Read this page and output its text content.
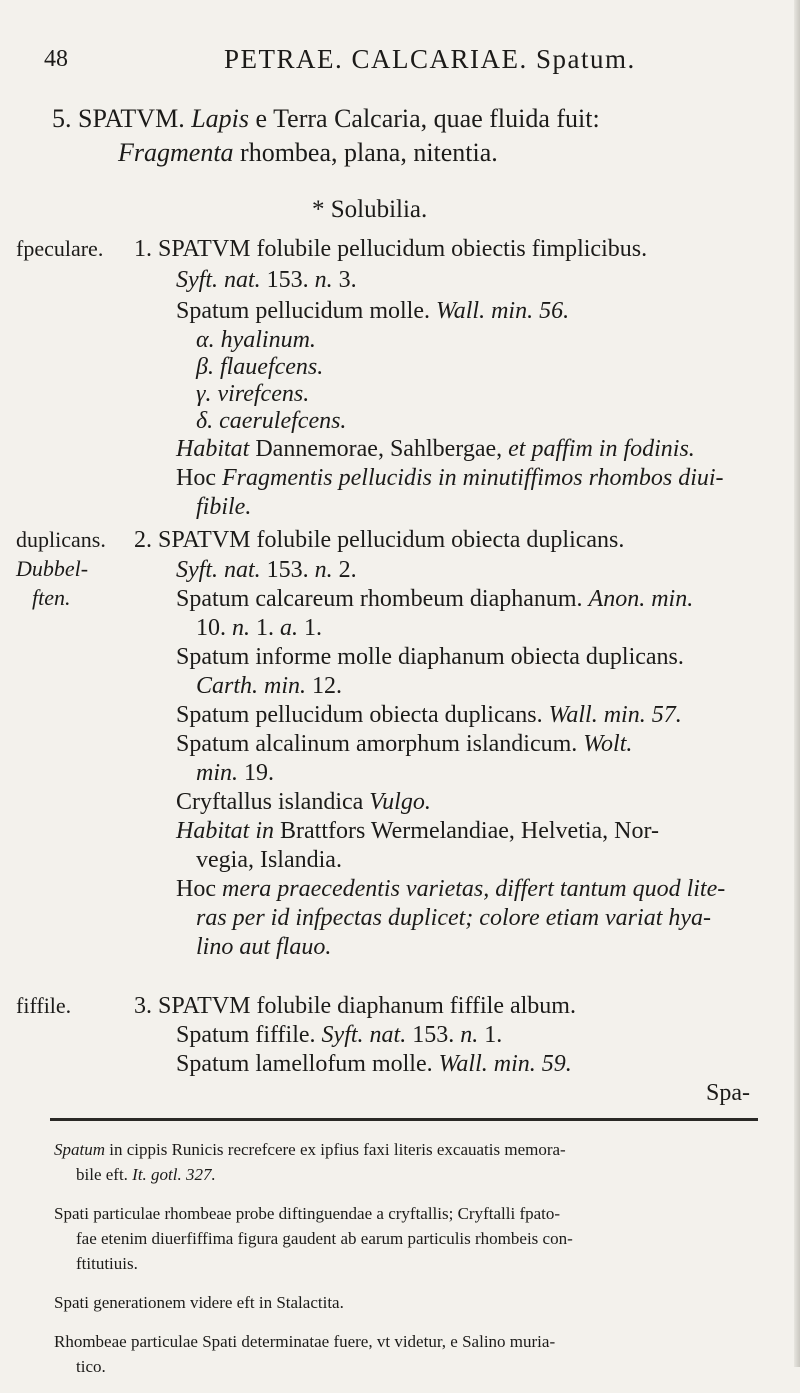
48	PETRAE. CALCARIAE. Spatum.
5. SPATVM. Lapis e Terra Calcaria, quae fluida fuit:
Fragmenta rhombea, plana, nitentia.
* Solubilia.
fpeculare. 1. SPATVM folubile pellucidum obiectis fimplicibus.
Syft. nat. 153. n. 3.
Spatum pellucidum molle. Wall. min. 56.
α. hyalinum.
β. flauefcens.
γ. virefcens.
δ. caerulefcens.
Habitat Dannemorae, Sahlbergae, et paffim in fodinis.
Hoc Fragmentis pellucidis in minutiffimos rhombos diui-
fibile.
duplicans.
Dubbel-
ften.
2. SPATVM folubile pellucidum obiecta duplicans.
Syft. nat. 153. n. 2.
Spatum calcareum rhombeum diaphanum. Anon. min.
10. n. 1. a. 1.
Spatum informe molle diaphanum obiecta duplicans.
Carth. min. 12.
Spatum pellucidum obiecta duplicans. Wall. min. 57.
Spatum alcalinum amorphum islandicum. Wolt.
min. 19.
Cryftallus islandica Vulgo.
Habitat in Brattfors Wermelandiae, Helvetia, Nor-
vegia, Islandia.
Hoc mera praecedentis varietas, differt tantum quod lite-
ras per id infpectas duplicet; colore etiam variat hya-
lino aut flauo.
fiffile.	3. SPATVM folubile diaphanum fiffile album.
Spatum fiffile. Syft. nat. 153. n. 1.
Spatum lamellofum molle. Wall. min. 59.
Spa-

Spatum in cippis Runicis recrefcere ex ipfius faxi literis excauatis memora-
bile eft. It. gotl. 327.

Spati particulae rhombeae probe diftinguendae a cryftallis; Cryftalli fpato-
fae etenim diuerfiffima figura gaudent ab earum particulis rhombeis con-
ftitutiuis.

Spati generationem videre eft in Stalactita.

Rhombeae particulae Spati determinatae fuere, vt videtur, e Salino muria-
tico.
